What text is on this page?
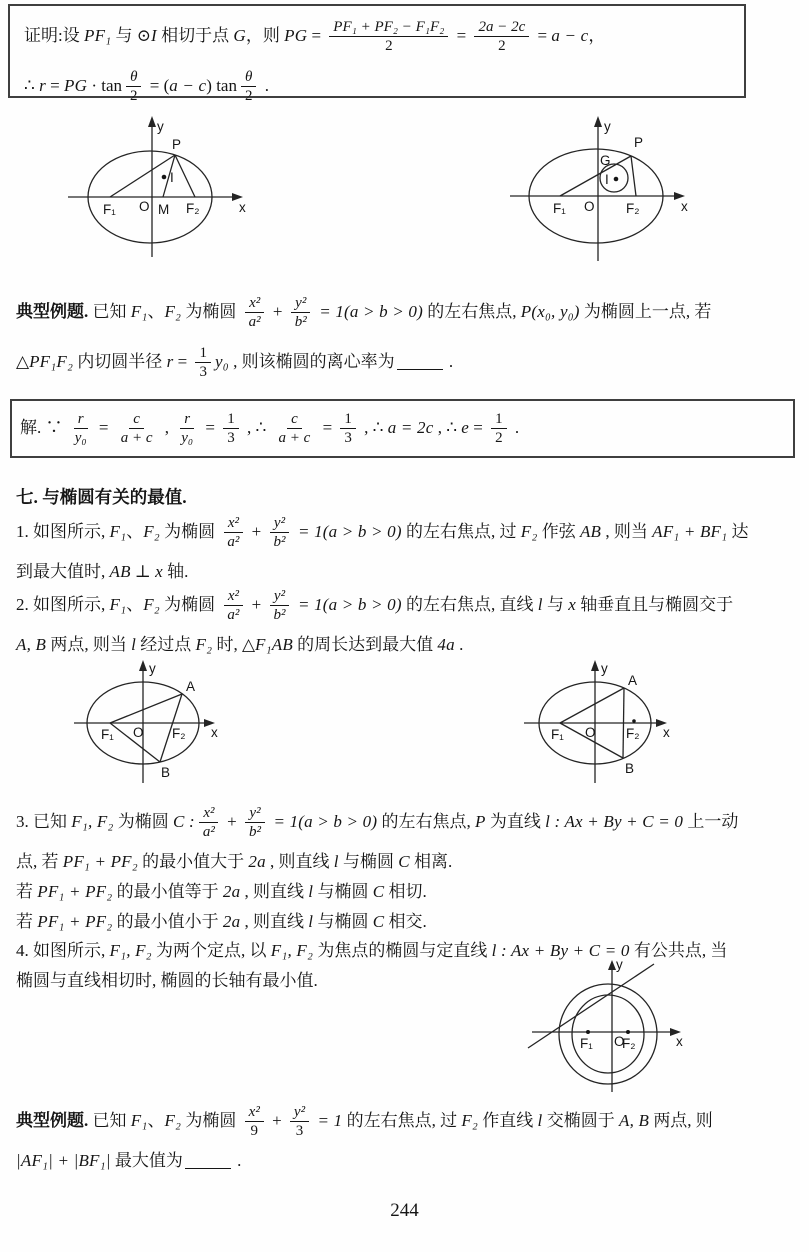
证明:设 PF₁ 与 ⊙ I 相切于点 G ，则 PG = $\frac{\text{PF₁ + PF₂ − F₁F₂}}{2} = \frac{2a - 2c}{2} = a - c$ ，
∴ r = PG · $\tan \frac{\theta}{2}$ = ( a − c ) $\tan \frac{\theta}{2}$ .
y
x
P
I
F₁ O M F₂
y
x
P
G
I
F₁ O F₂
典型例题. 已知 F₁ 、 F₂ 为椭圆 $\frac{\text{x²}}{\text{a²}} + \frac{\text{y²}}{\text{b²}} = 1(a > b > 0)$ 的左右焦点, P(x₀, y₀) 为椭圆上一点, 若
△ PF₁F₂ 内切圆半径 $r = \frac{1}{3} y_0$ , 则该椭圆的离心率为	.
解. ∵ $\frac{r}{\text{y₀}} = \frac{c}{a + c}$ , $\frac{r}{\text{y₀}} = \frac{1}{3}$ , ∴ $\frac{c}{a + c} = \frac{1}{3}$ , ∴ a = 2c , ∴ $e = \frac{1}{2}$ .
七. 与椭圆有关的最值.
1. 如图所示, F₁ 、 F₂ 为椭圆 $\frac{\text{x²}}{\text{a²}} + \frac{\text{y²}}{\text{b²}} = 1(a > b > 0)$ 的左右焦点, 过 F₂ 作弦 AB , 则当 AF₁ + BF₁ 达
到最大值时, AB ⊥ x 轴.
2. 如图所示, F₁ 、 F₂ 为椭圆 $\frac{\text{x²}}{\text{a²}} + \frac{\text{y²}}{\text{b²}} = 1(a > b > 0)$ 的左右焦点, 直线 l 与 x 轴垂直且与椭圆交于
A, B 两点, 则当 l 经过点 F₂ 时, △ F₁AB 的周长达到最大值 4a .
y
x
A
B
F₁ O F₂
y
x
A
B
F₁ O F₂
3. 已知 F₁, F₂ 为椭圆 C : $\frac{\text{x²}}{\text{a²}} + \frac{\text{y²}}{\text{b²}} = 1(a > b > 0)$ 的左右焦点, P 为直线 l : Ax + By + C = 0 上一动
点, 若 PF₁ + PF₂ 的最小值大于 2a , 则直线 l 与椭圆 C 相离.
若 PF₁ + PF₂ 的最小值等于 2a , 则直线 l 与椭圆 C 相切.
若 PF₁ + PF₂ 的最小值小于 2a , 则直线 l 与椭圆 C 相交.
4. 如图所示, F₁, F₂ 为两个定点, 以 F₁, F₂ 为焦点的椭圆与定直线 l : Ax + By + C = 0 有公共点, 当
椭圆与直线相切时, 椭圆的长轴有最小值.
y
x
F₁ O
F₂
典型例题. 已知 F₁ 、 F₂ 为椭圆 $\frac{\text{x²}}{9} + \frac{\text{y²}}{3} = 1$ 的左右焦点, 过 F₂ 作直线 l 交椭圆于 A, B 两点, 则
|AF₁| + |BF₁| 最大值为	.
244
